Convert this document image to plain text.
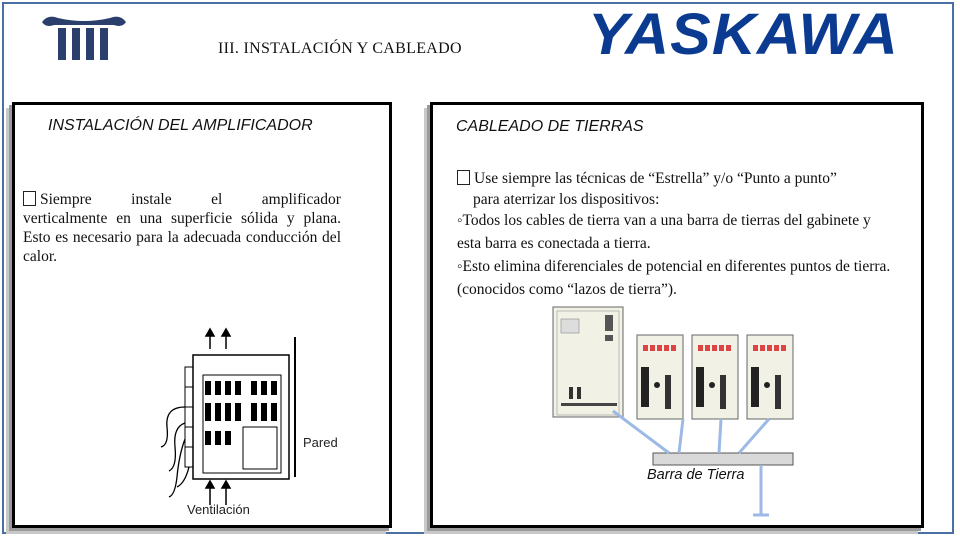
III. INSTALACIÓN Y CABLEADO YASKAWA
INSTALACIÓN DEL AMPLIFICADOR
Siempre	instale	el	amplificador
verticalmente en una superficie sólida y plana. Esto es necesario para la adecuada conducción del calor.
Pared
Ventilación
CABLEADO DE TIERRAS

Use siempre las técnicas de “Estrella” y/o “Punto a punto”

para aterrizar los dispositivos:

◦Todos los cables de tierra van a una barra de tierras del gabinete y esta barra es conectada a tierra.

◦Esto elimina diferenciales de potencial en diferentes puntos de tierra. (conocidos como “lazos de tierra”).

Barra de Tierra
